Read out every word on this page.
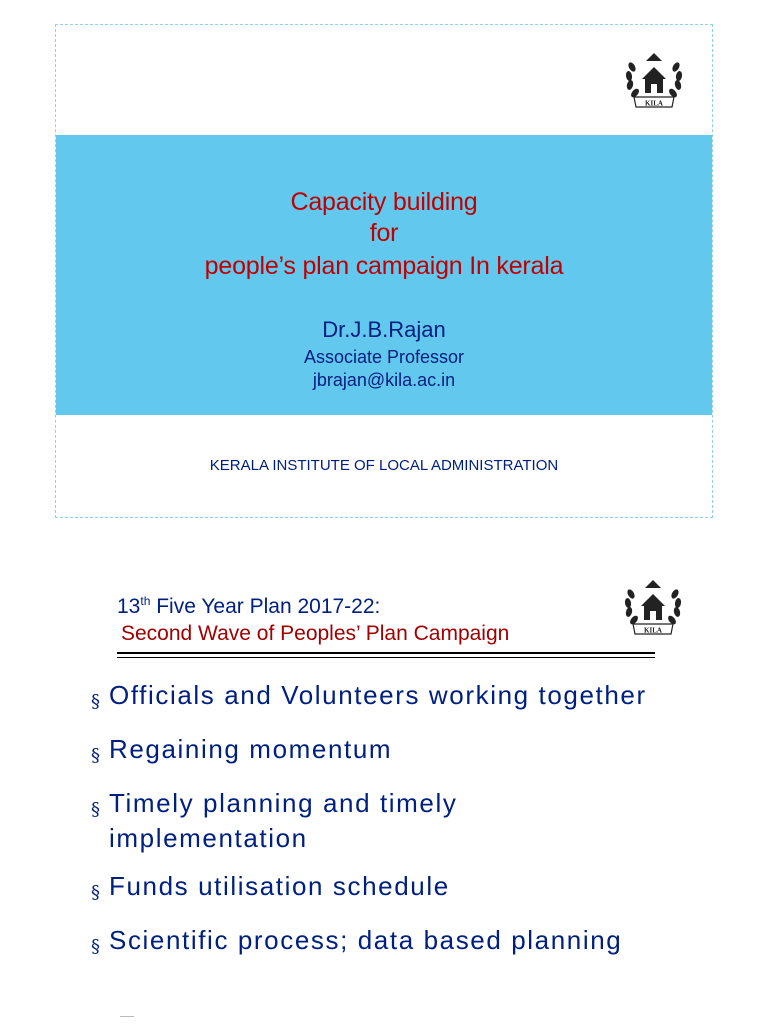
KILA
Capacity building
for
people’s plan campaign In kerala
Dr.J.B.Rajan
Associate Professor
jbrajan@kila.ac.in
KERALA INSTITUTE OF LOCAL ADMINISTRATION
13th Five Year Plan 2017-22:
Second Wave of Peoples’ Plan Campaign	KILA
§ Officials and Volunteers working together
§ Regaining momentum
§ Timely planning and timely implementation
§ Funds utilisation schedule
§ Scientific process; data based planning
